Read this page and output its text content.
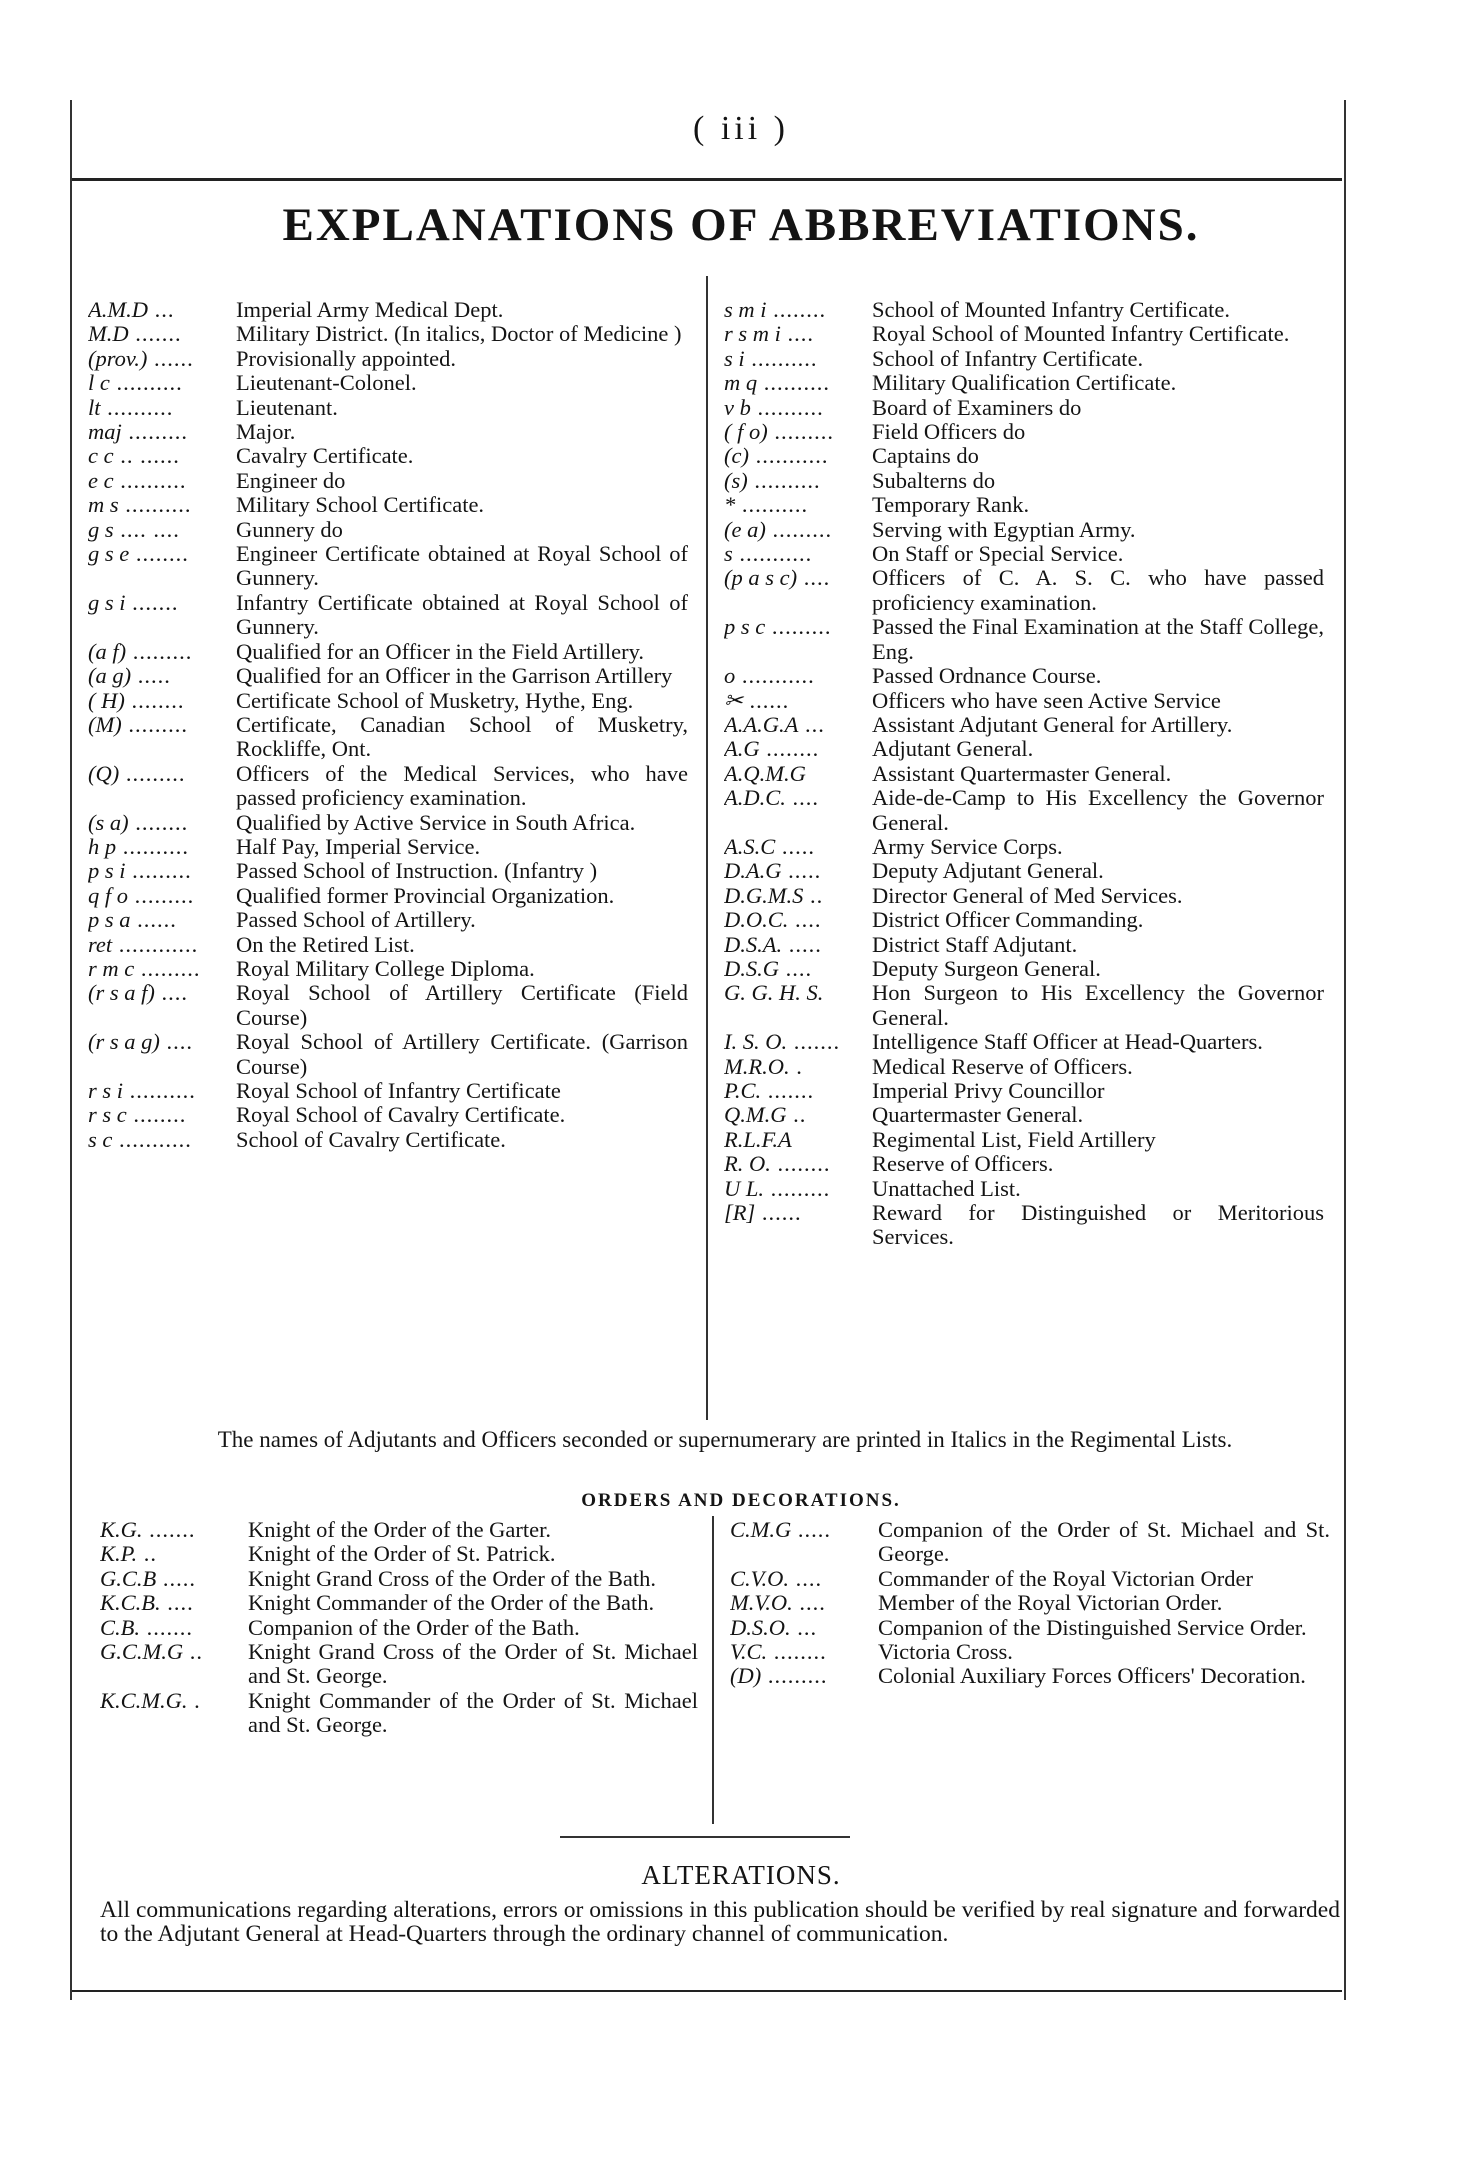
( iii )
EXPLANATIONS OF ABBREVIATIONS.
A.M.D ...	Imperial Army Medical Dept.
M.D .......	Military District. (In italics, Doctor of Medicine )
(prov.) ......	Provisionally appointed.
l c ..........	Lieutenant-Colonel.
lt ..........	Lieutenant.
maj .........	Major.
c c .. ......	Cavalry Certificate.
e c ..........	Engineer do
m s ..........	Military School Certificate.
g s .... ....	Gunnery do
g s e ........	Engineer Certificate obtained at Royal School of Gunnery.
g s i .......	Infantry Certificate obtained at Royal School of Gunnery.
(a f) .........	Qualified for an Officer in the Field Artillery.
(a g) .....	Qualified for an Officer in the Garrison Artillery
( H) ........	Certificate School of Musketry, Hythe, Eng.
(M) .........	Certificate, Canadian School of Musketry, Rockliffe, Ont.
(Q) .........	Officers of the Medical Services, who have passed proficiency examination.
(s a) ........	Qualified by Active Service in South Africa.
h p ..........	Half Pay, Imperial Service.
p s i .........	Passed School of Instruction. (Infantry )
q f o .........	Qualified former Provincial Organization.
p s a ......	Passed School of Artillery.
ret ............	On the Retired List.
r m c .........	Royal Military College Diploma.
(r s a f) ....	Royal School of Artillery Certificate (Field Course)
(r s a g) ....	Royal School of Artillery Certificate. (Garrison Course)
r s i ..........	Royal School of Infantry Certificate
r s c ........	Royal School of Cavalry Certificate.
s c ...........	School of Cavalry Certificate.
s m i ........	School of Mounted Infantry Certificate.
r s m i ....	Royal School of Mounted Infantry Certificate.
s i ..........	School of Infantry Certificate.
m q ..........	Military Qualification Certificate.
v b ..........	Board of Examiners do
( f o) .........	Field Officers do
(c) ...........	Captains do
(s) ..........	Subalterns do
* ..........	Temporary Rank.
(e a) .........	Serving with Egyptian Army.
s ...........	On Staff or Special Service.
(p a s c) ....	Officers of C. A. S. C. who have passed proficiency examination.
p s c .........	Passed the Final Examination at the Staff College, Eng.
o ...........	Passed Ordnance Course.
✂ ......	Officers who have seen Active Service
A.A.G.A ...	Assistant Adjutant General for Artillery.
A.G ........	Adjutant General.
A.Q.M.G	Assistant Quartermaster General.
A.D.C. ....	Aide-de-Camp to His Excellency the Governor General.
A.S.C .....	Army Service Corps.
D.A.G .....	Deputy Adjutant General.
D.G.M.S ..	Director General of Med Services.
D.O.C. ....	District Officer Commanding.
D.S.A. .....	District Staff Adjutant.
D.S.G ....	Deputy Surgeon General.
G. G. H. S.	Hon Surgeon to His Excellency the Governor General.
I. S. O. .......	Intelligence Staff Officer at Head-Quarters.
M.R.O. .	Medical Reserve of Officers.
P.C. .......	Imperial Privy Councillor
Q.M.G ..	Quartermaster General.
R.L.F.A	Regimental List, Field Artillery
R. O. ........	Reserve of Officers.
U L. .........	Unattached List.
[R] ......	Reward for Distinguished or Meritorious Services.
The names of Adjutants and Officers seconded or supernumerary are printed in Italics in the Regimental Lists.
ORDERS AND DECORATIONS.
K.G. .......	Knight of the Order of the Garter.
K.P. ..	Knight of the Order of St. Patrick.
G.C.B .....	Knight Grand Cross of the Order of the Bath.
K.C.B. ....	Knight Commander of the Order of the Bath.
C.B. .......	Companion of the Order of the Bath.
G.C.M.G ..	Knight Grand Cross of the Order of St. Michael and St. George.
K.C.M.G. .	Knight Commander of the Order of St. Michael and St. George.
C.M.G .....	Companion of the Order of St. Michael and St. George.
C.V.O. ....	Commander of the Royal Victorian Order
M.V.O. ....	Member of the Royal Victorian Order.
D.S.O. ...	Companion of the Distinguished Service Order.
V.C. ........	Victoria Cross.
(D) .........	Colonial Auxiliary Forces Officers' Decoration.
ALTERATIONS.
All communications regarding alterations, errors or omissions in this publication should be verified by real signature and forwarded to the Adjutant General at Head-Quarters through the ordinary channel of communication.
